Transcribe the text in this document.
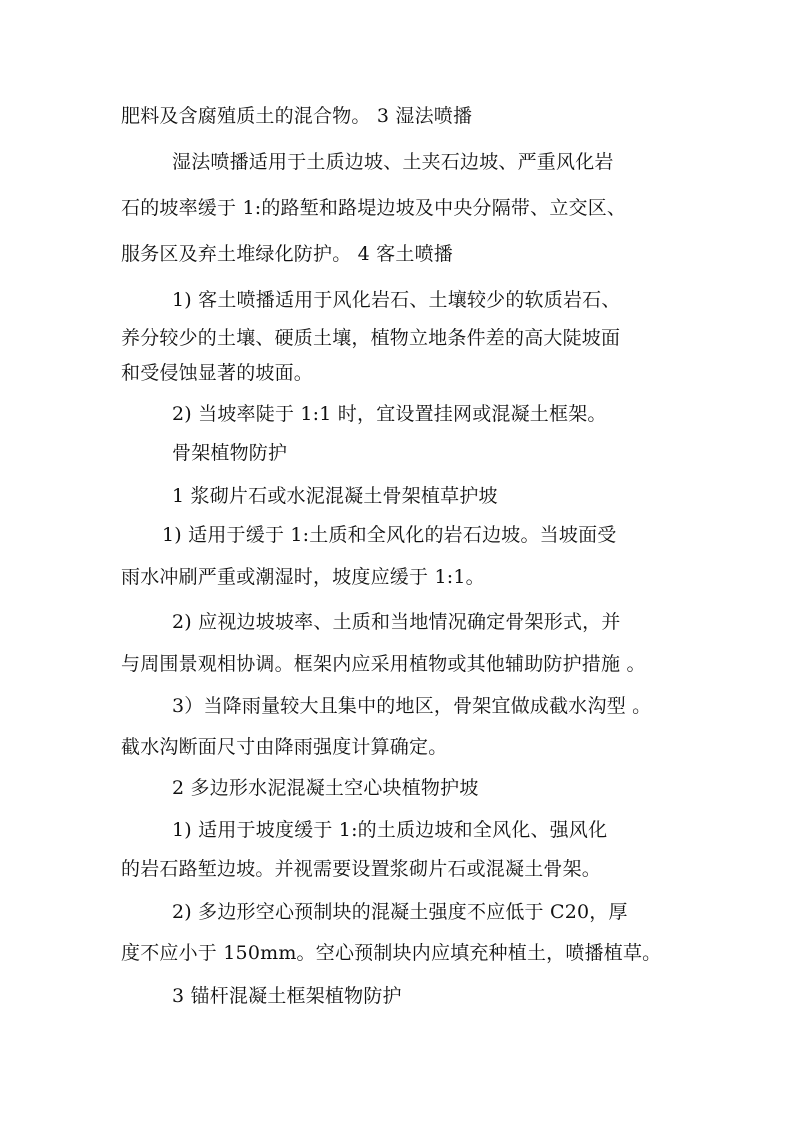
肥料及含腐殖质土的混合物。 3 湿法喷播
湿法喷播适用于土质边坡、土夹石边坡、严重风化岩
石的坡率缓于 1:的路堑和路堤边坡及中央分隔带、立交区、
服务区及弃土堆绿化防护。 4 客土喷播
1) 客土喷播适用于风化岩石、土壤较少的软质岩石、
养分较少的土壤、硬质土壤，植物立地条件差的高大陡坡面
和受侵蚀显著的坡面。
2) 当坡率陡于 1:1 时，宜设置挂网或混凝土框架。
骨架植物防护
1 浆砌片石或水泥混凝土骨架植草护坡
1) 适用于缓于 1:土质和全风化的岩石边坡。当坡面受
雨水冲刷严重或潮湿时，坡度应缓于 1:1。
2) 应视边坡坡率、土质和当地情况确定骨架形式，并
与周围景观相协调。框架内应采用植物或其他辅助防护措施 。
3）当降雨量较大且集中的地区，骨架宜做成截水沟型 。
截水沟断面尺寸由降雨强度计算确定。
2 多边形水泥混凝土空心块植物护坡
1) 适用于坡度缓于 1:的土质边坡和全风化、强风化
的岩石路堑边坡。并视需要设置浆砌片石或混凝土骨架。
2) 多边形空心预制块的混凝土强度不应低于 C20，厚
度不应小于 150mm。空心预制块内应填充种植土，喷播植草。
3 锚杆混凝土框架植物防护
